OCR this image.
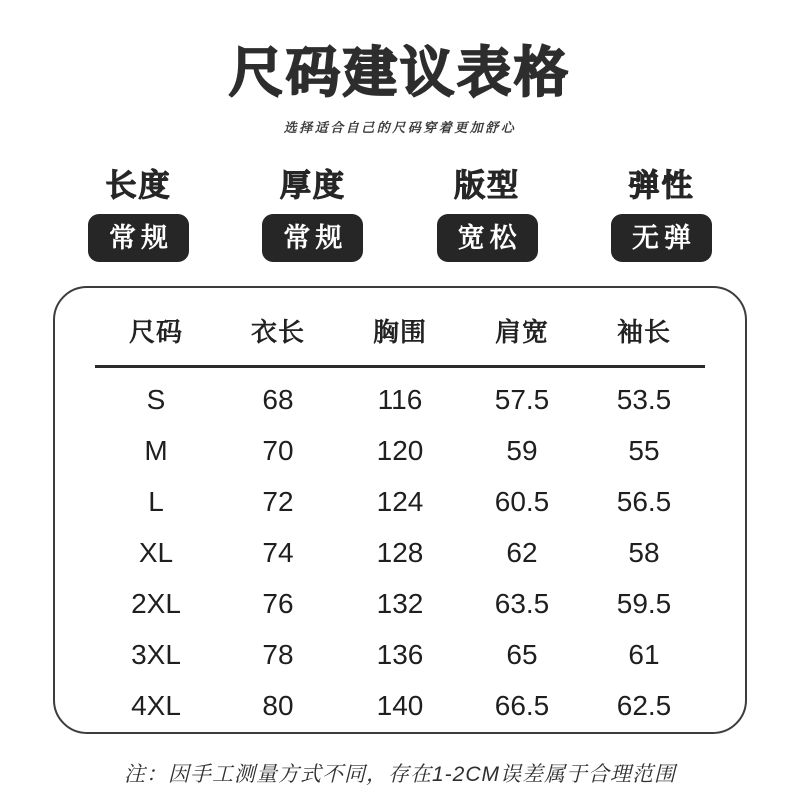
尺码建议表格

选择适合自己的尺码穿着更加舒心

长度
常规
厚度
常规
版型
宽松
弹性
无弹
尺码	衣长	胸围	肩宽	袖长
S	68	116	57.5	53.5
M	70	120	59	55
L	72	124	60.5	56.5
XL	74	128	62	58
2XL	76	132	63.5	59.5
3XL	78	136	65	61
4XL	80	140	66.5	62.5

注：因手工测量方式不同，存在1-2CM误差属于合理范围
